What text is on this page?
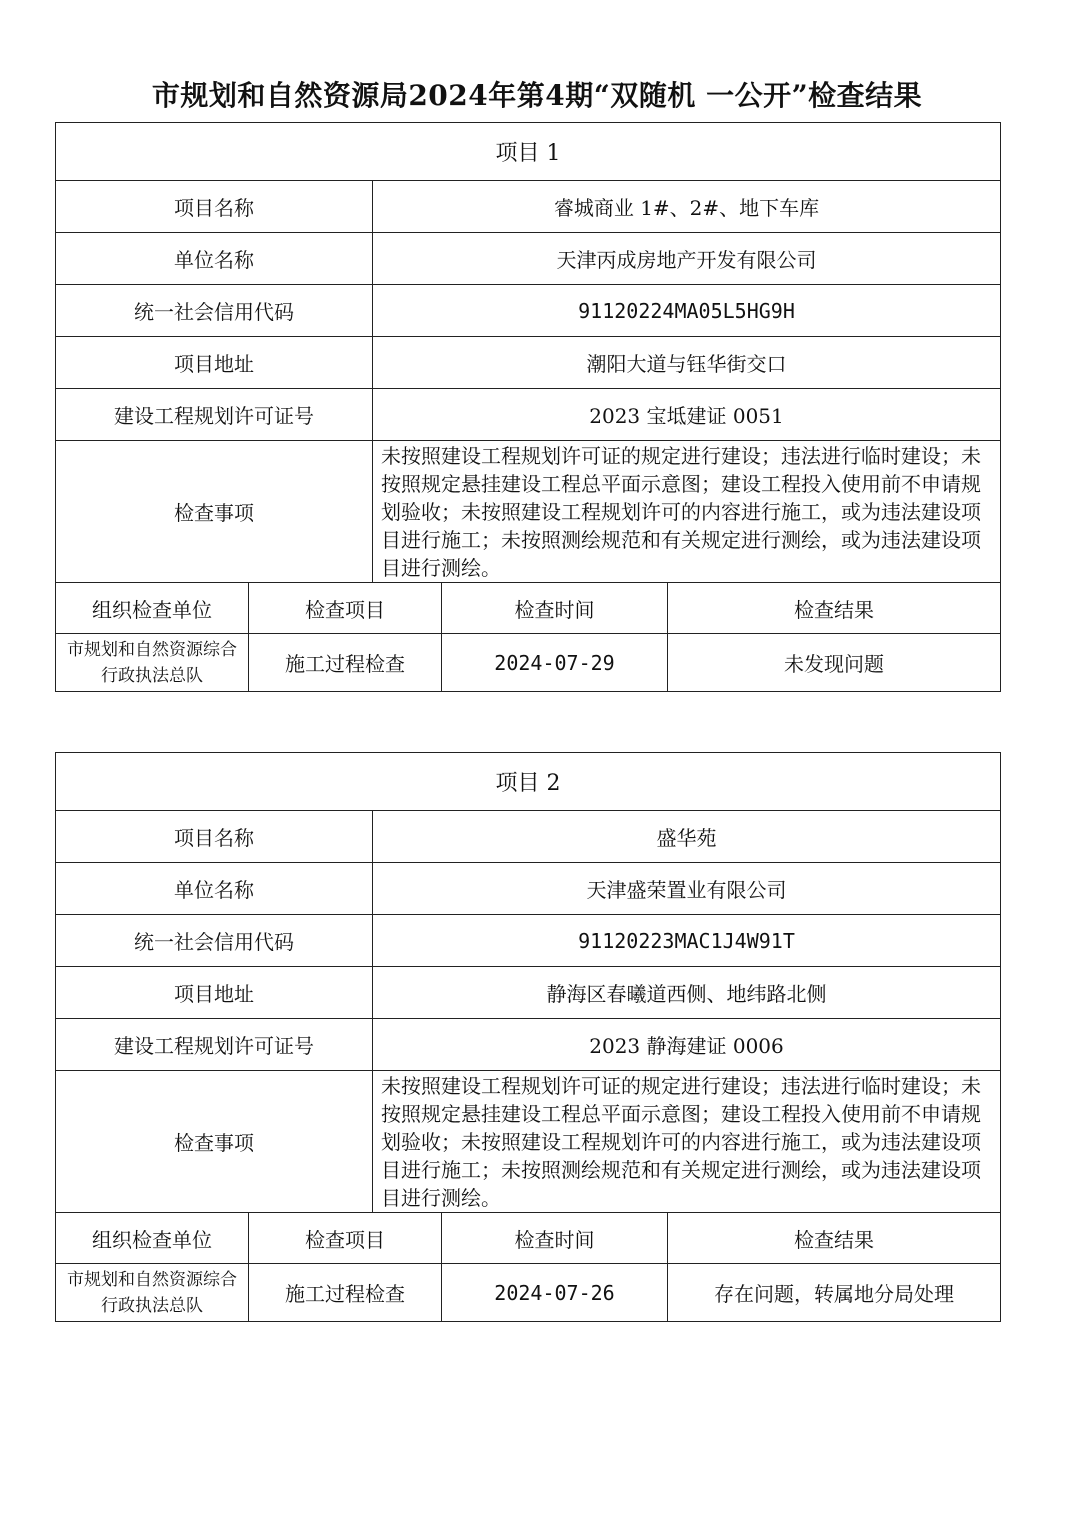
市规划和自然资源局2024年第4期“双随机 一公开”检查结果
项目 1				
项目名称		睿城商业 1#、2#、地下车库		
单位名称		天津丙成房地产开发有限公司		
统一社会信用代码		91120224MA05L5HG9H		
项目地址		潮阳大道与钰华街交口		
建设工程规划许可证号		2023 宝坻建证 0051		
检查事项		未按照建设工程规划许可证的规定进行建设；违法进行临时建设；未按照规定悬挂建设工程总平面示意图；建设工程投入使用前不申请规划验收；未按照建设工程规划许可的内容进行施工，或为违法建设项目进行施工；未按照测绘规范和有关规定进行测绘，或为违法建设项目进行测绘。		
组织检查单位	检查项目		检查时间	检查结果
市规划和自然资源综合行政执法总队	施工过程检查		2024-07-29	未发现问题
项目 2				
项目名称		盛华苑		
单位名称		天津盛荣置业有限公司		
统一社会信用代码		91120223MAC1J4W91T		
项目地址		静海区春曦道西侧、地纬路北侧		
建设工程规划许可证号		2023 静海建证 0006		
检查事项		未按照建设工程规划许可证的规定进行建设；违法进行临时建设；未按照规定悬挂建设工程总平面示意图；建设工程投入使用前不申请规划验收；未按照建设工程规划许可的内容进行施工，或为违法建设项目进行施工；未按照测绘规范和有关规定进行测绘，或为违法建设项目进行测绘。		
组织检查单位	检查项目		检查时间	检查结果
市规划和自然资源综合行政执法总队	施工过程检查		2024-07-26	存在问题，转属地分局处理
